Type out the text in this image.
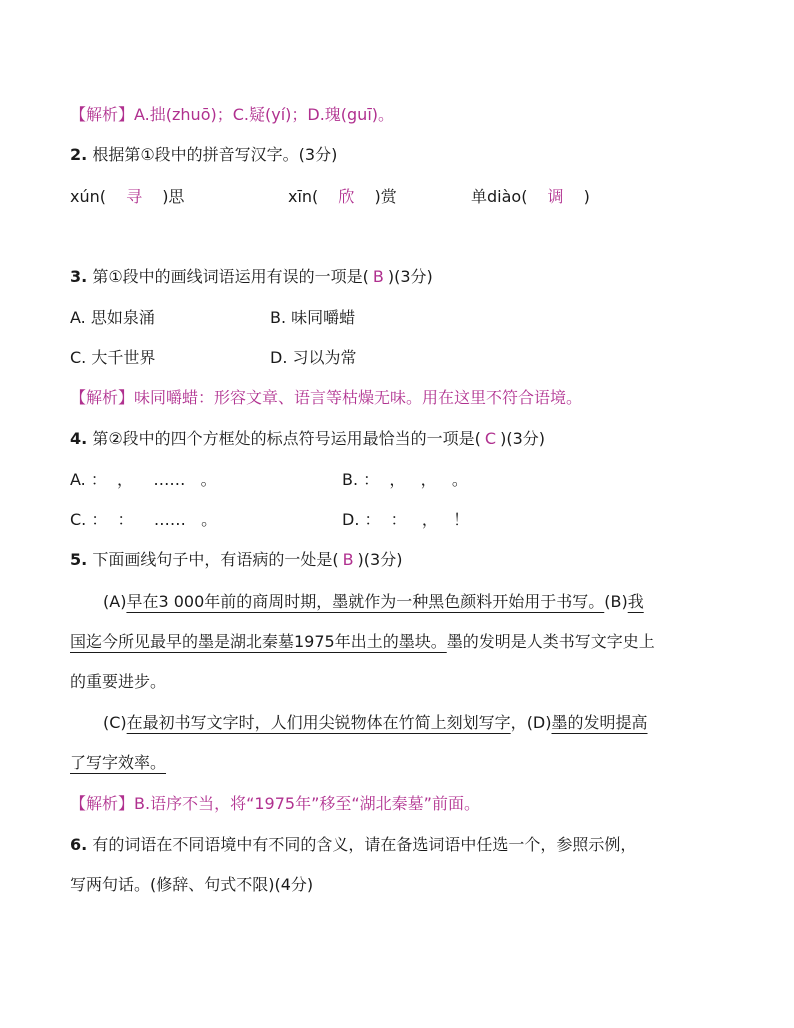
【解析】A.拙(zhuō)；C.疑(yí)；D.瑰(guī)。
2. 根据第①段中的拼音写汉字。(3分)
xún( 寻 )思	xīn( 欣 )赏	单diào( 调 )
3. 第①段中的画线词语运用有误的一项是( B )(3分)
A. 思如泉涌	B. 味同嚼蜡
C. 大千世界	D. 习以为常
【解析】味同嚼蜡：形容文章、语言等枯燥无味。用在这里不符合语境。
4. 第②段中的四个方框处的标点符号运用最恰当的一项是( C )(3分)
A. ：  ，    ……   。	B. ：  ，   ，   。
C. ：  ：    ……   。	D. ：  ：   ，   ！
5. 下面画线句子中，有语病的一处是( B )(3分)
(A)早在3 000年前的商周时期，墨就作为一种黑色颜料开始用于书写。(B)我
国迄今所见最早的墨是湖北秦墓1975年出土的墨块。墨的发明是人类书写文字史上
的重要进步。
(C)在最初书写文字时，人们用尖锐物体在竹简上刻划写字，(D)墨的发明提高
了写字效率。
【解析】B.语序不当，将“1975年”移至“湖北秦墓”前面。
6. 有的词语在不同语境中有不同的含义，请在备选词语中任选一个，参照示例，
写两句话。(修辞、句式不限)(4分)
